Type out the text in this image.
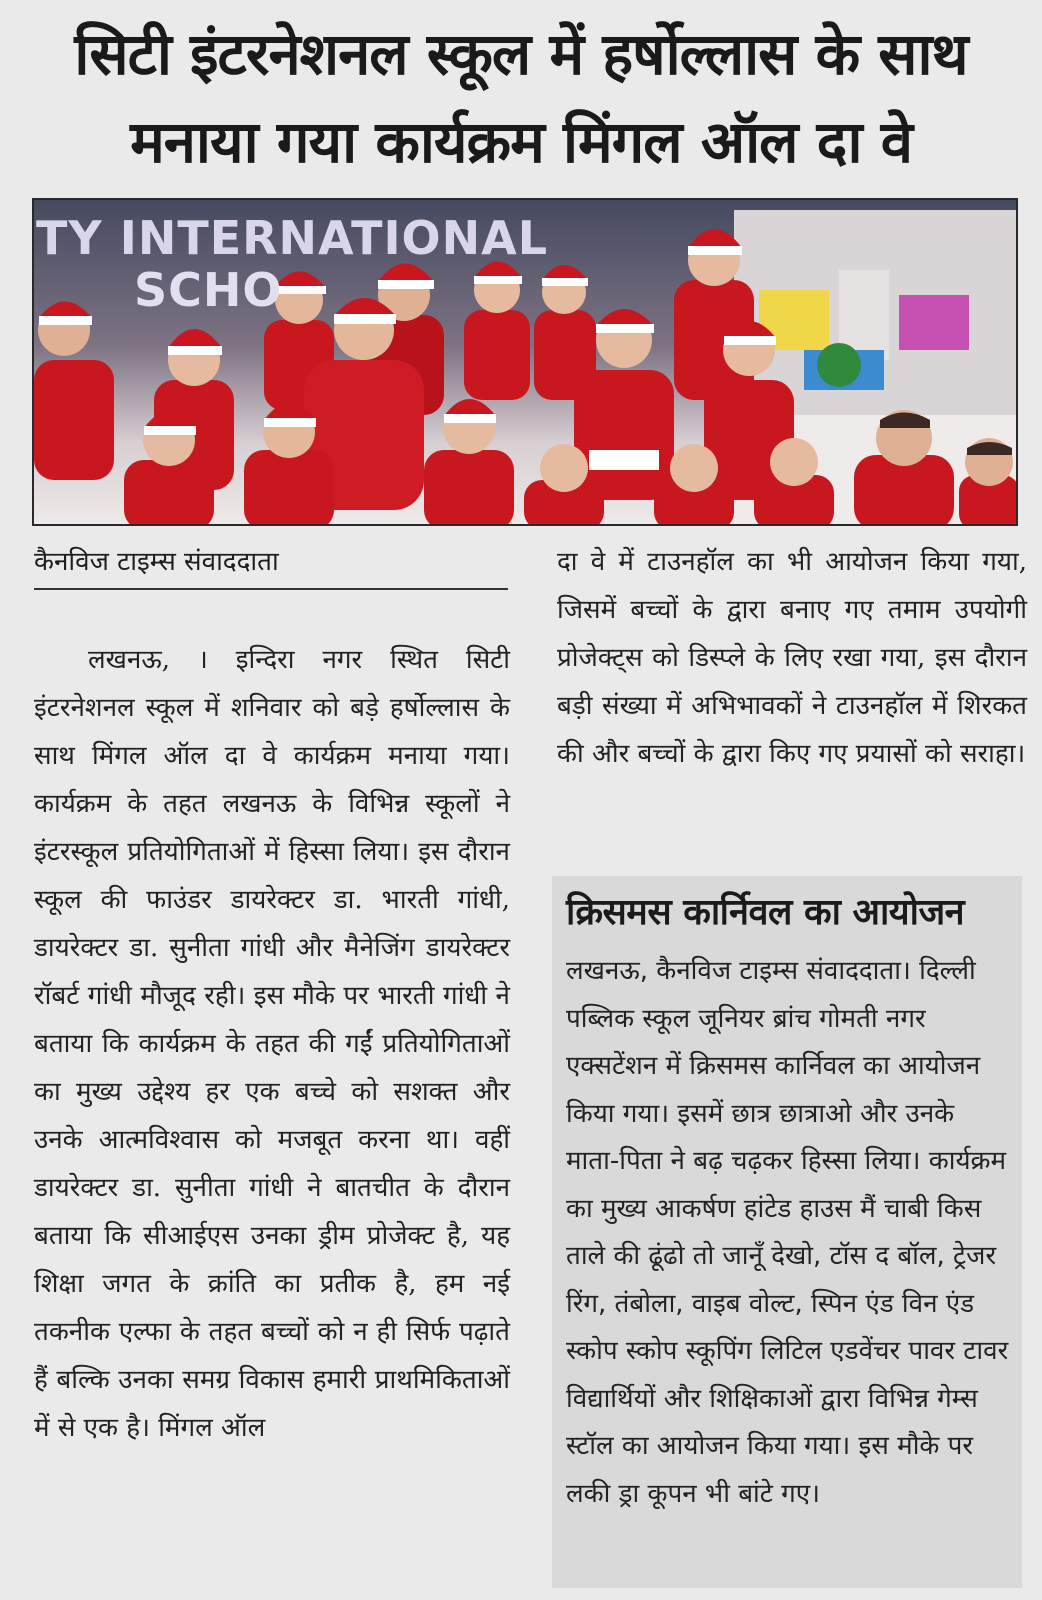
सिटी इंटरनेशनल स्कूल में हर्षोल्लास के साथ
मनाया गया कार्यक्रम मिंगल ऑल दा वे
TY INTERNATIONAL
SCHO
कैनविज टाइम्स संवाददाता
लखनऊ, । इन्दिरा नगर स्थित सिटी इंटरनेशनल स्कूल में शनिवार को बड़े हर्षोल्लास के साथ मिंगल ऑल दा वे कार्यक्रम मनाया गया। कार्यक्रम के तहत लखनऊ के विभिन्न स्कूलों ने इंटरस्कूल प्रतियोगिताओं में हिस्सा लिया। इस दौरान स्कूल की फाउंडर डायरेक्टर डा. भारती गांधी, डायरेक्टर डा. सुनीता गांधी और मैनेजिंग डायरेक्टर रॉबर्ट गांधी मौजूद रही। इस मौके पर भारती गांधी ने बताया कि कार्यक्रम के तहत की गईं प्रतियोगिताओं का मुख्य उद्देश्य हर एक बच्चे को सशक्त और उनके आत्मविश्वास को मजबूत करना था। वहीं डायरेक्टर डा. सुनीता गांधी ने बातचीत के दौरान बताया कि सीआईएस उनका ड्रीम प्रोजेक्ट है, यह शिक्षा जगत के क्रांति का प्रतीक है, हम नई तकनीक एल्फा के तहत बच्चों को न ही सिर्फ पढ़ाते हैं बल्कि उनका समग्र विकास हमारी प्राथमिकिताओं में से एक है। मिंगल ऑल
दा वे में टाउनहॉल का भी आयोजन किया गया, जिसमें बच्चों के द्वारा बनाए गए तमाम उपयोगी प्रोजेक्ट्स को डिस्प्ले के लिए रखा गया, इस दौरान बड़ी संख्या में अभिभावकों ने टाउनहॉल में शिरकत की और बच्चों के द्वारा किए गए प्रयासों को सराहा।
क्रिसमस कार्निवल का आयोजन

लखनऊ, कैनविज टाइम्स संवाददाता। दिल्ली पब्लिक स्कूल जूनियर ब्रांच गोमती नगर एक्सटेंशन में क्रिसमस कार्निवल का आयोजन किया गया। इसमें छात्र छात्राओ और उनके माता-पिता ने बढ़ चढ़कर हिस्सा लिया। कार्यक्रम का मुख्य आकर्षण हांटेड हाउस मैं चाबी किस ताले की ढूंढो तो जानूँ देखो, टॉस द बॉल, ट्रेजर रिंग, तंबोला, वाइब वोल्ट, स्पिन एंड विन एंड स्कोप स्कोप स्कूपिंग लिटिल एडवेंचर पावर टावर विद्यार्थियों और शिक्षिकाओं द्वारा विभिन्न गेम्स स्टॉल का आयोजन किया गया। इस मौके पर लकी ड्रा कूपन भी बांटे गए।
